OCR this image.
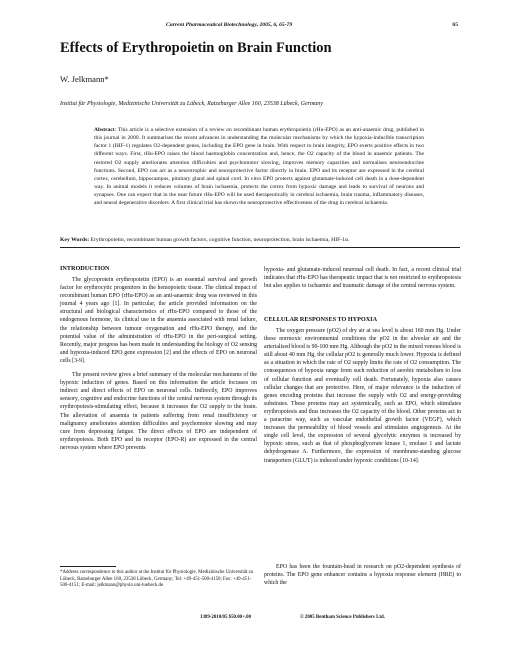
Current Pharmaceutical Biotechnology, 2005, 6, 65-79	65
Effects of Erythropoietin on Brain Function
W. Jelkmann*
Institut für Physiologie, Medizinische Universität zu Lübeck, Ratzeburger Allee 160, 23538 Lübeck, Germany
Abstract: This article is a selective extension of a review on recombinant human erythropoietin (rHu-EPO) as an anti-anaemic drug, published in this journal in 2000. It summarises the recent advances in understanding the molecular mechanisms by which the hypoxia-inducible transcription factor 1 (HIF-1) regulates O2-dependent genes, including the EPO gene in brain. With respect to brain integrity, EPO exerts positive effects in two different ways. First, rHu-EPO raises the blood haemoglobin concentration and, hence, the O2 capacity of the blood in anaemic patients. The restored O2 supply ameliorates attention difficulties and psychomotor slowing, improves memory capacities and normalises neuroendocrine functions. Second, EPO can act as a neurotrophic and neuroprotective factor directly in brain. EPO and its receptor are expressed in the cerebral cortex, cerebellum, hippocampus, pituitary gland and spinal cord. In vitro EPO protects against glutamate-induced cell death in a dose-dependent way. In animal models it reduces volumes of brain ischaemia, protects the cortex from hypoxic damage and leads to survival of neurons and synapses. One can expect that in the near future rHu-EPO will be used therapeutically in cerebral ischaemia, brain trauma, inflammatory diseases, and neural degenerative disorders. A first clinical trial has shown the neuroprotective effectiveness of the drug in cerebral ischaemia.
Key Words: Erythropoietin, recombinant human growth factors, cognitive function, neuroprotection, brain ischaemia, HIF-1α.
INTRODUCTION

The glycoprotein erythropoietin (EPO) is an essential survival and growth factor for erythrocytic progenitors in the hemopoietic tissue. The clinical impact of recombinant human EPO (rHu-EPO) as an anti-anaemic drug was reviewed in this journal 4 years ago [1]. In particular, the article provided information on the structural and biological characteristics of rHu-EPO compared to those of the endogenous hormone, its clinical use in the anaemia associated with renal failure, the relationship between tumour oxygenation and rHu-EPO therapy, and the potential value of the administration of rHu-EPO in the peri-surgical setting. Recently, major progress has been made in understanding the biology of O2 sensing and hypoxia-induced EPO gene expression [2] and the effects of EPO on neuronal cells [3-9].

The present review gives a brief summary of the molecular mechanisms of the hypoxic induction of genes. Based on this information the article focusses on indirect and direct effects of EPO on neuronal cells. Indirectly, EPO improves sensory, cognitive and endocrine functions of the central nervous system through its erythropoiesis-stimulating effect, because it increases the O2 supply to the brain. The alleviation of anaemia in patients suffering from renal insufficiency or malignancy ameliorates attention difficulties and psychomotor slowing and may cure from depressing fatigue. The direct effects of EPO are independent of erythropoiesis. Both EPO and its receptor (EPO-R) are expressed in the central nervous system where EPO prevents

hypoxia- and glutamate-induced neuronal cell death. In fact, a recent clinical trial indicates that rHu-EPO has therapeutic impact that is not restricted to erythropoiesis but also applies to ischaemic and traumatic damage of the central nervous system.

CELLULAR RESPONSES TO HYPOXIA

The oxygen pressure (pO2) of dry air at sea level is about 160 mm Hg. Under these normoxic environmental conditions the pO2 in the alveolar air and the arterialised blood is 90-100 mm Hg. Although the pO2 in the mixed venous blood is still about 40 mm Hg, the cellular pO2 is generally much lower. Hypoxia is defined as a situation in which the rate of O2 supply limits the rate of O2 consumption. The consequences of hypoxia range from such reduction of aerobic metabolism to loss of cellular function and eventually cell death. Fortunately, hypoxia also causes cellular changes that are protective. Here, of major relevance is the induction of genes encoding proteins that increase the supply with O2 and energy-providing substrates. These proteins may act systemically, such as EPO, which stimulates erythropoiesis and thus increases the O2 capacity of the blood. Other proteins act in a paracrine way, such as vascular endothelial growth factor (VEGF), which increases the permeability of blood vessels and stimulates angiogenesis. At the single cell level, the expression of several glycolytic enzymes is increased by hypoxic stress, such as that of phosphoglycerate kinase 1, enolase 1 and lactate dehydrogenase A. Furthermore, the expression of membrane-standing glucose transporters (GLUT) is induced under hypoxic conditions [10-14].

EPO has been the fountain-head in research on pO2-dependent synthesis of proteins. The EPO gene enhancer contains a hypoxia response element (HRE) to which the

*Address correspondence to this author at the Institut für Physiologie, Medizinische Universität zu Lübeck, Ratzeburger Allee 160, 23538 Lübeck, Germany; Tel: +49-451-500-4150; Fax: +49-451-500-4151; E-mail: jelkmann@physio.uni-luebeck.de
1389-2010/05 $50.00+.00	© 2005 Bentham Science Publishers Ltd.
